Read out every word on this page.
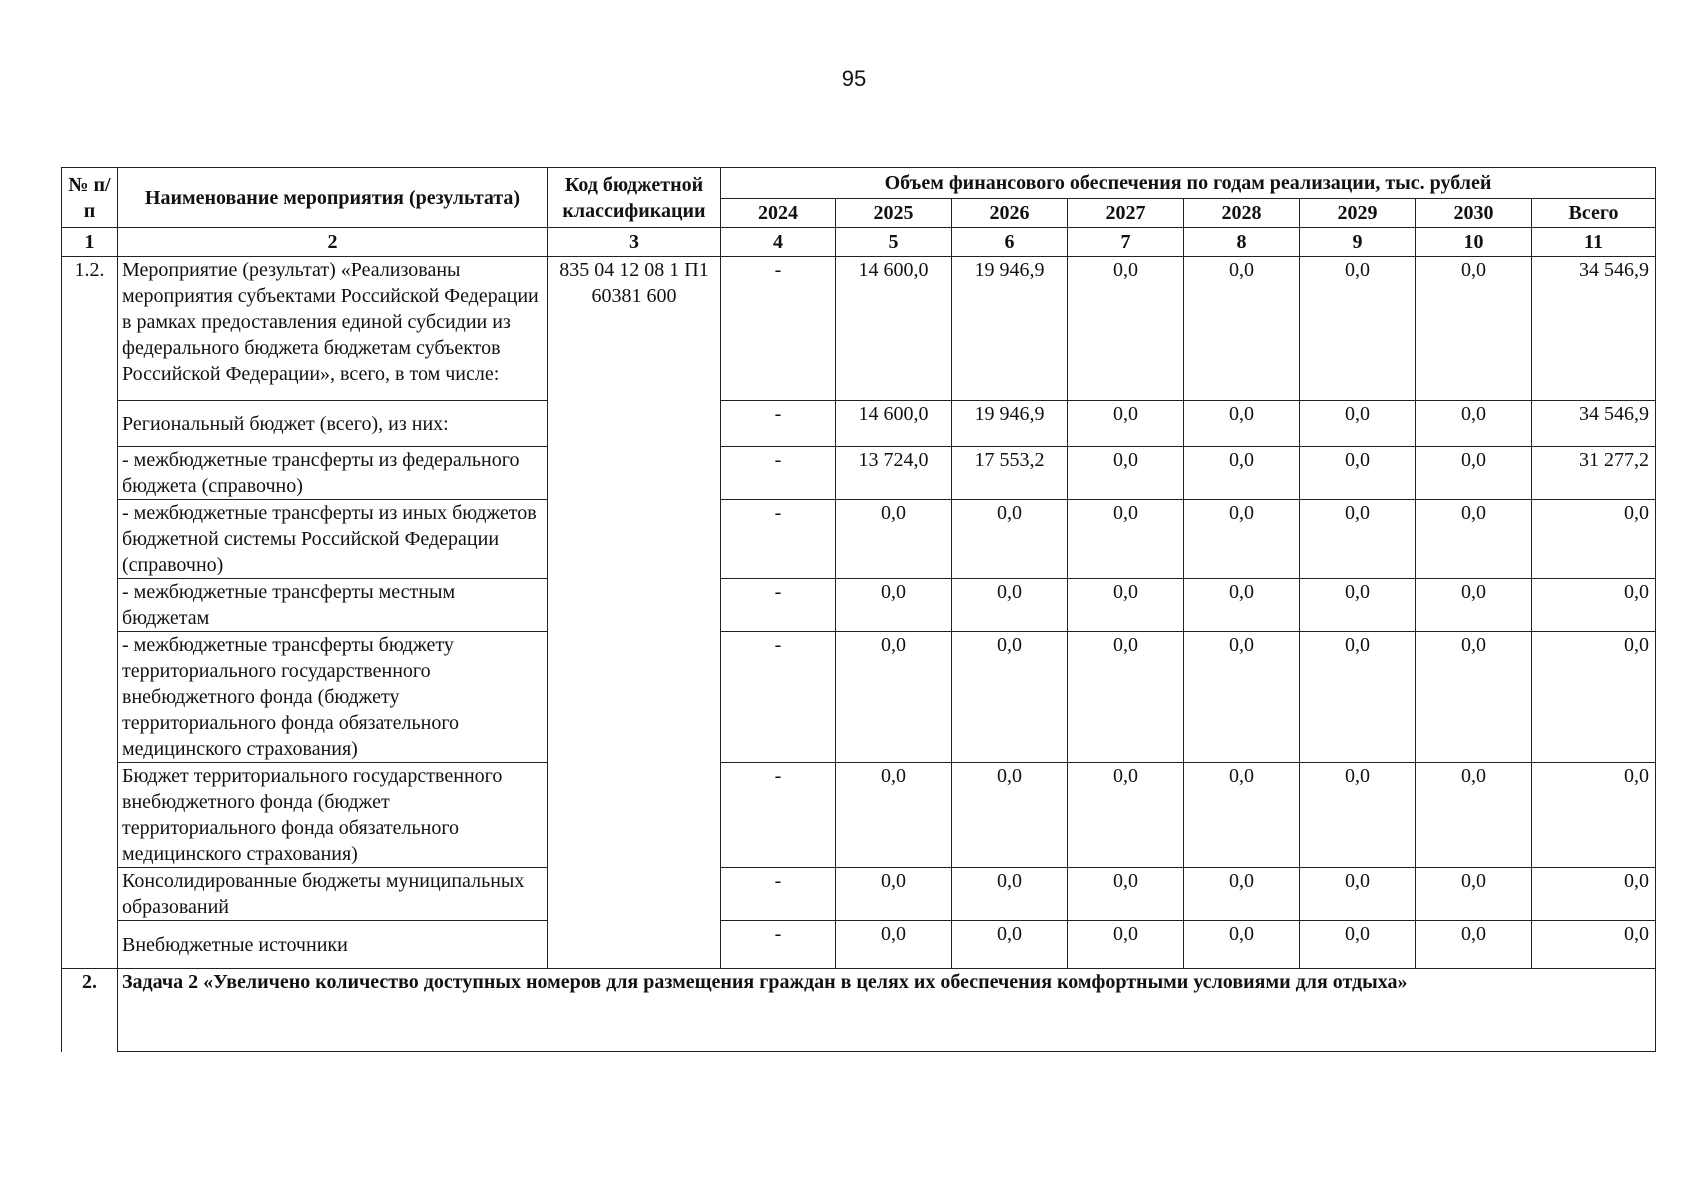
95
№ п/п	Наименование мероприятия (результата)	Код бюджетной классификации	Объем финансового обеспечения по годам реализации, тыс. рублей							
			2024	2025	2026	2027	2028	2029	2030	Всего
1	2	3	4	5	6	7	8	9	10	11
1.2.	Мероприятие (результат) «Реализованы мероприятия субъектами Российской Федерации в рамках предоставления единой субсидии из федерального бюджета бюджетам субъектов Российской Федерации», всего, в том числе:	835 04 12 08 1 П1 60381 600	-	14 600,0	19 946,9	0,0	0,0	0,0	0,0	34 546,9
	Региональный бюджет (всего), из них:		-	14 600,0	19 946,9	0,0	0,0	0,0	0,0	34 546,9
	- межбюджетные трансферты из федерального бюджета (справочно)		-	13 724,0	17 553,2	0,0	0,0	0,0	0,0	31 277,2
	- межбюджетные трансферты из иных бюджетов бюджетной системы Российской Федерации (справочно)		-	0,0	0,0	0,0	0,0	0,0	0,0	0,0
	- межбюджетные трансферты местным бюджетам		-	0,0	0,0	0,0	0,0	0,0	0,0	0,0
	- межбюджетные трансферты бюджету территориального государственного внебюджетного фонда (бюджету территориального фонда обязательного медицинского страхования)		-	0,0	0,0	0,0	0,0	0,0	0,0	0,0
	Бюджет территориального государственного внебюджетного фонда (бюджет территориального фонда обязательного медицинского страхования)		-	0,0	0,0	0,0	0,0	0,0	0,0	0,0
	Консолидированные бюджеты муниципальных образований		-	0,0	0,0	0,0	0,0	0,0	0,0	0,0
	Внебюджетные источники		-	0,0	0,0	0,0	0,0	0,0	0,0	0,0
2.	Задача 2 «Увеличено количество доступных номеров для размещения граждан в целях их обеспечения комфортными условиями для отдыха»									
